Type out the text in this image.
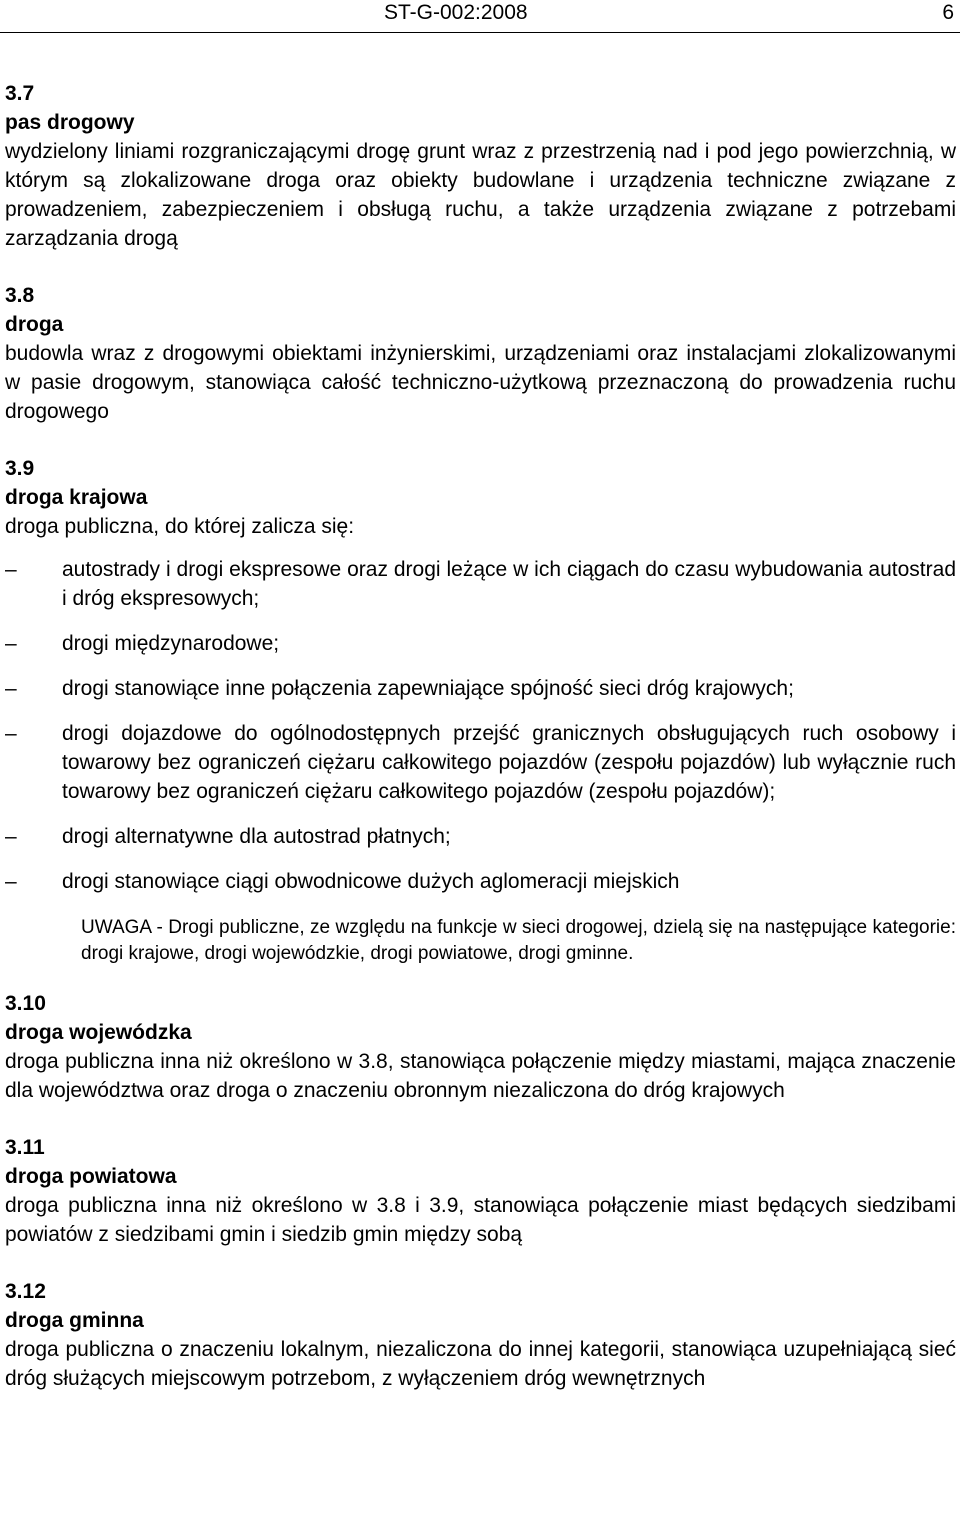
ST-G-002:2008	6
3.7
pas drogowy
wydzielony liniami rozgraniczającymi drogę grunt wraz z przestrzenią nad i pod jego powierzchnią, w którym są zlokalizowane droga oraz obiekty budowlane i urządzenia techniczne związane z prowadzeniem, zabezpieczeniem i obsługą ruchu, a także urządzenia związane z potrzebami zarządzania drogą
3.8
droga
budowla wraz z drogowymi obiektami inżynierskimi, urządzeniami oraz instalacjami zlokalizowanymi w pasie drogowym, stanowiąca całość techniczno-użytkową przeznaczoną do prowadzenia ruchu drogowego
3.9
droga krajowa
droga publiczna, do której zalicza się:
–	autostrady i drogi ekspresowe oraz drogi leżące w ich ciągach do czasu wybudowania autostrad i dróg ekspresowych;
–	drogi międzynarodowe;
–	drogi stanowiące inne połączenia zapewniające spójność sieci dróg krajowych;
–	drogi dojazdowe do ogólnodostępnych przejść granicznych obsługujących ruch osobowy i towarowy bez ograniczeń ciężaru całkowitego pojazdów (zespołu pojazdów) lub wyłącznie ruch towarowy bez ograniczeń ciężaru całkowitego pojazdów (zespołu pojazdów);
–	drogi alternatywne dla autostrad płatnych;
–	drogi stanowiące ciągi obwodnicowe dużych aglomeracji miejskich
UWAGA - Drogi publiczne, ze względu na funkcje w sieci drogowej, dzielą się na następujące kategorie: drogi krajowe, drogi wojewódzkie, drogi powiatowe, drogi gminne.
3.10
droga wojewódzka
droga publiczna inna niż określono w 3.8, stanowiąca połączenie między miastami, mająca znaczenie dla województwa oraz droga o znaczeniu obronnym niezaliczona do dróg krajowych
3.11
droga powiatowa
droga publiczna inna niż określono w 3.8 i 3.9, stanowiąca połączenie miast będących siedzibami powiatów z siedzibami gmin i siedzib gmin między sobą
3.12
droga gminna
droga publiczna o znaczeniu lokalnym, niezaliczona do innej kategorii, stanowiąca uzupełniającą sieć dróg służących miejscowym potrzebom, z wyłączeniem dróg wewnętrznych
